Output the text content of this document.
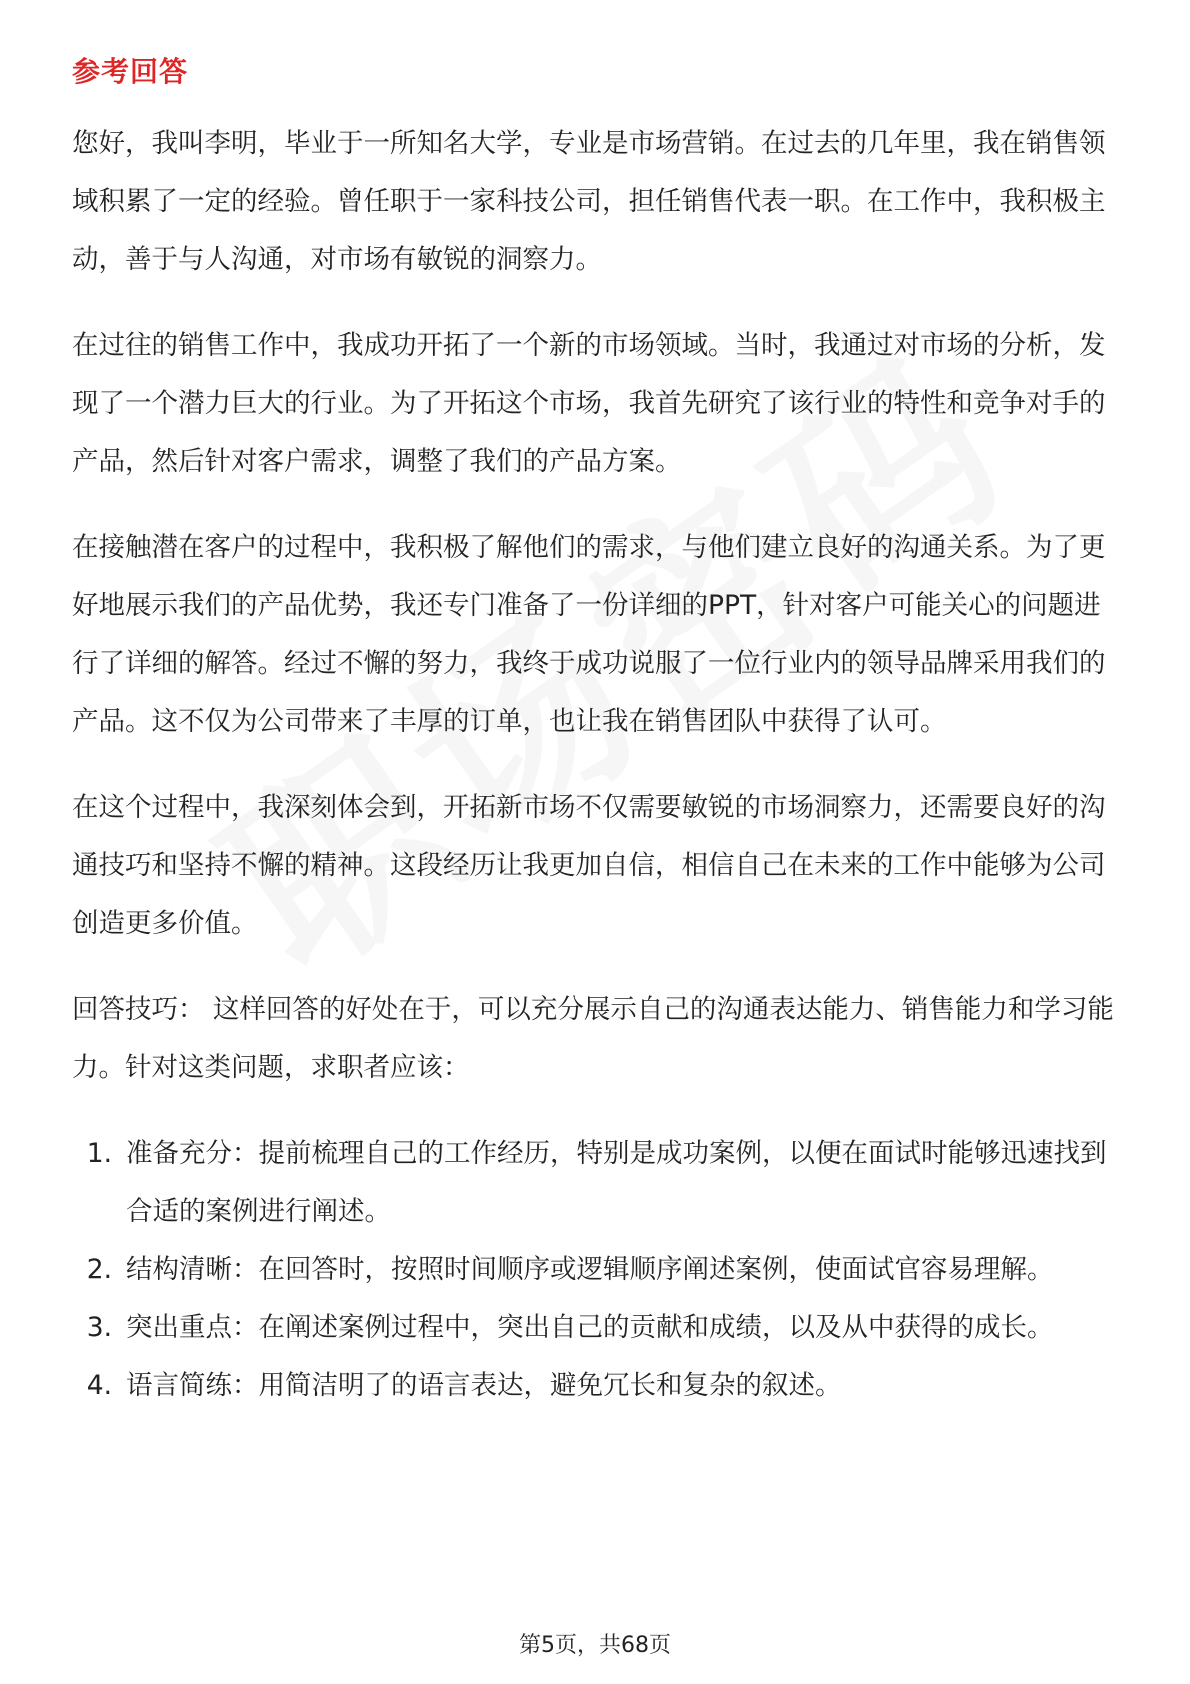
参考回答

您好，我叫李明，毕业于一所知名大学，专业是市场营销。在过去的几年里，我在销售领域积累了一定的经验。曾任职于一家科技公司，担任销售代表一职。在工作中，我积极主动，善于与人沟通，对市场有敏锐的洞察力。

在过往的销售工作中，我成功开拓了一个新的市场领域。当时，我通过对市场的分析，发现了一个潜力巨大的行业。为了开拓这个市场，我首先研究了该行业的特性和竞争对手的产品，然后针对客户需求，调整了我们的产品方案。

在接触潜在客户的过程中，我积极了解他们的需求，与他们建立良好的沟通关系。为了更好地展示我们的产品优势，我还专门准备了一份详细的PPT，针对客户可能关心的问题进行了详细的解答。经过不懈的努力，我终于成功说服了一位行业内的领导品牌采用我们的产品。这不仅为公司带来了丰厚的订单，也让我在销售团队中获得了认可。

在这个过程中，我深刻体会到，开拓新市场不仅需要敏锐的市场洞察力，还需要良好的沟通技巧和坚持不懈的精神。这段经历让我更加自信，相信自己在未来的工作中能够为公司创造更多价值。

回答技巧： 这样回答的好处在于，可以充分展示自己的沟通表达能力、销售能力和学习能力。针对这类问题，求职者应该：

1. 准备充分：提前梳理自己的工作经历，特别是成功案例，以便在面试时能够迅速找到合适的案例进行阐述。
2. 结构清晰：在回答时，按照时间顺序或逻辑顺序阐述案例，使面试官容易理解。
3. 突出重点：在阐述案例过程中，突出自己的贡献和成绩，以及从中获得的成长。
4. 语言简练：用简洁明了的语言表达，避免冗长和复杂的叙述。
第5页，共68页
